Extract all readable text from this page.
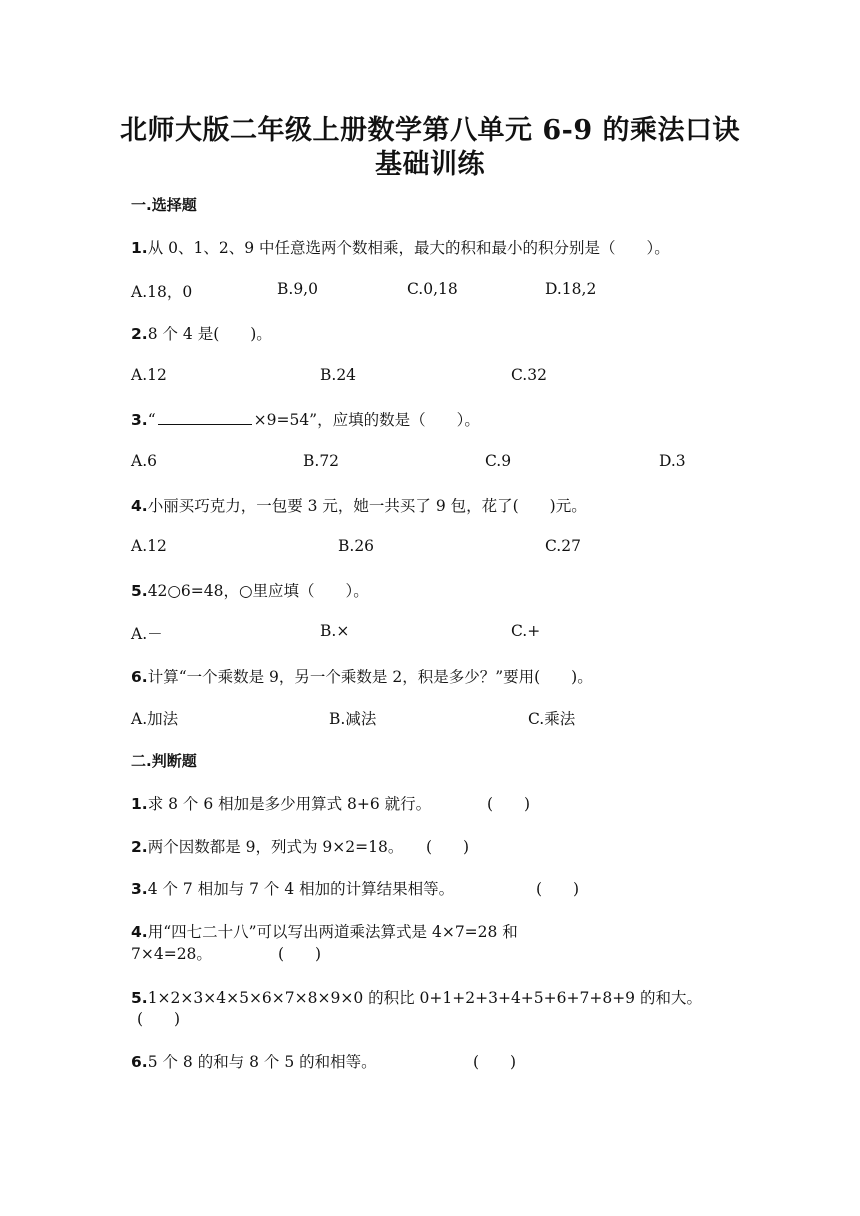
北师大版二年级上册数学第八单元 6-9 的乘法口诀
基础训练
一.选择题
1.从 0、1、2、9 中任意选两个数相乘，最大的积和最小的积分别是（　　）。
A.18，0	B.9,0	C.0,18	D.18,2
2.8 个 4 是(　　)。
A.12	B.24	C.32
3.“	×9=54”，应填的数是（　　）。
A.6	B.72	C.9	D.3
4.小丽买巧克力，一包要 3 元，她一共买了 9 包，花了(　　)元。
A.12	B.26	C.27
5.42○6=48，○里应填（　　）。
A.－	B.×	C.+
6.计算“一个乘数是 9，另一个乘数是 2，积是多少？”要用(　　)。
A.加法	B.减法	C.乘法
二.判断题
1.求 8 个 6 相加是多少用算式 8+6 就行。	(　　)
2.两个因数都是 9，列式为 9×2=18。 (　　)
3.4 个 7 相加与 7 个 4 相加的计算结果相等。	(　　)
4.用“四七二十八”可以写出两道乘法算式是 4×7=28 和
7×4=28。	(　　)
5.1×2×3×4×5×6×7×8×9×0 的积比 0+1+2+3+4+5+6+7+8+9 的和大。
(　　)
6.5 个 8 的和与 8 个 5 的和相等。	(　　)
